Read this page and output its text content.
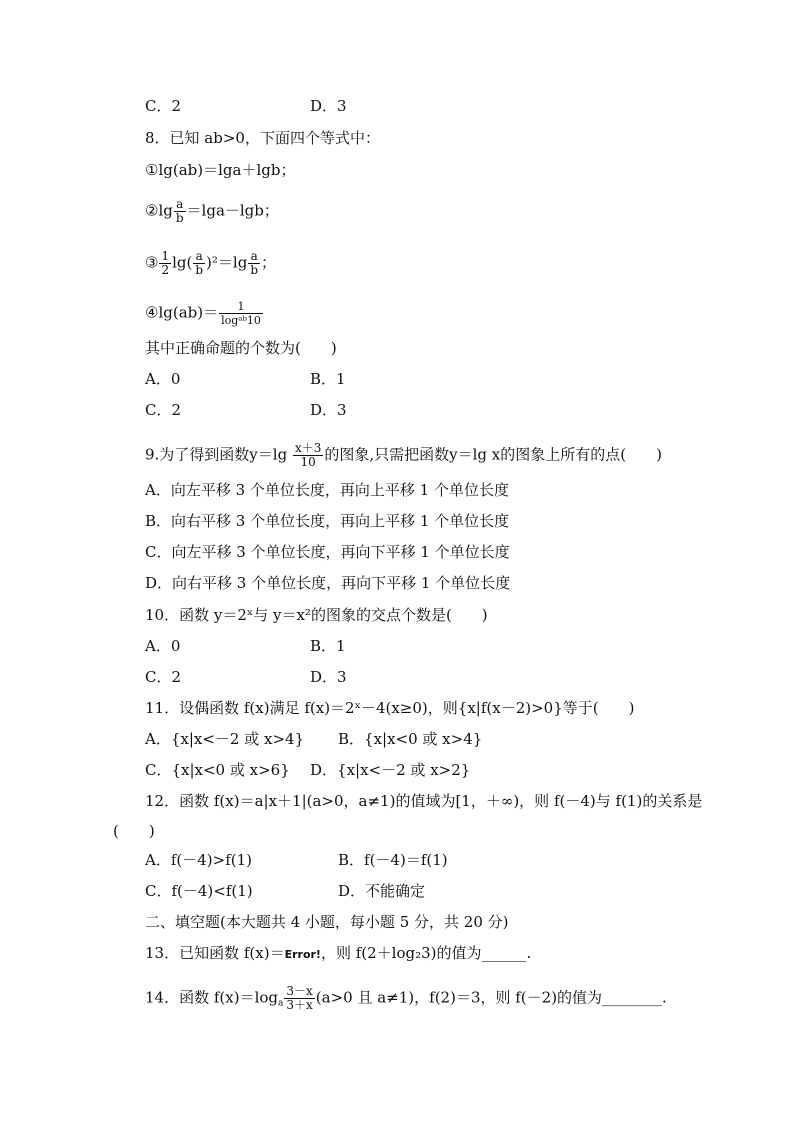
C．2	D．3
8．已知 ab>0，下面四个等式中：
①lg(ab)＝lga＋lgb；
②lg $\frac{a}{b} =\lg a-\lg b$；
③ $\frac{1}{2} \lg( \frac{a}{b} )^2=\lg \frac{a}{b}$ ；
④lg(ab)＝ $\frac{1}{\text{logᵃᵇ10}}$
其中正确命题的个数为(　　)
A．0	B．1
C．2	D．3
9.为了得到函数$y=\lg \frac{x+3}{10}$ 的图象,只需把函数y＝lg x的图象上所有的点(　　)
A．向左平移 3 个单位长度，再向上平移 1 个单位长度
B．向右平移 3 个单位长度，再向上平移 1 个单位长度
C．向左平移 3 个单位长度，再向下平移 1 个单位长度
D．向右平移 3 个单位长度，再向下平移 1 个单位长度
10．函数 y＝2ˣ与 y＝x²的图象的交点个数是(　　)
A．0	B．1
C．2	D．3
11．设偶函数 f(x)满足 f(x)＝2ˣ－4(x≥0)，则{x|f(x－2)>0}等于(　　)
A．{x|x<－2 或 x>4} B．{x|x<0 或 x>4}
C．{x|x<0 或 x>6} D．{x|x<－2 或 x>2}
12．函数 f(x)＝a|x＋1|(a>0，a≠1)的值域为[1，＋∞)，则 f(－4)与 f(1)的关系是
(　　)
A．f(－4)>f(1)	B．f(－4)＝f(1)
C．f(－4)<f(1)	D．不能确定
二、填空题(本大题共 4 小题，每小题 5 分，共 20 分)
13．已知函数 f(x)＝Error!，则 f(2＋log₂3)的值为______.
14．函数 $f(x)=\log_a \frac{3-x}{3+x} (a>0$ 且 a≠1)，f(2)＝3，则 f(－2)的值为________.
